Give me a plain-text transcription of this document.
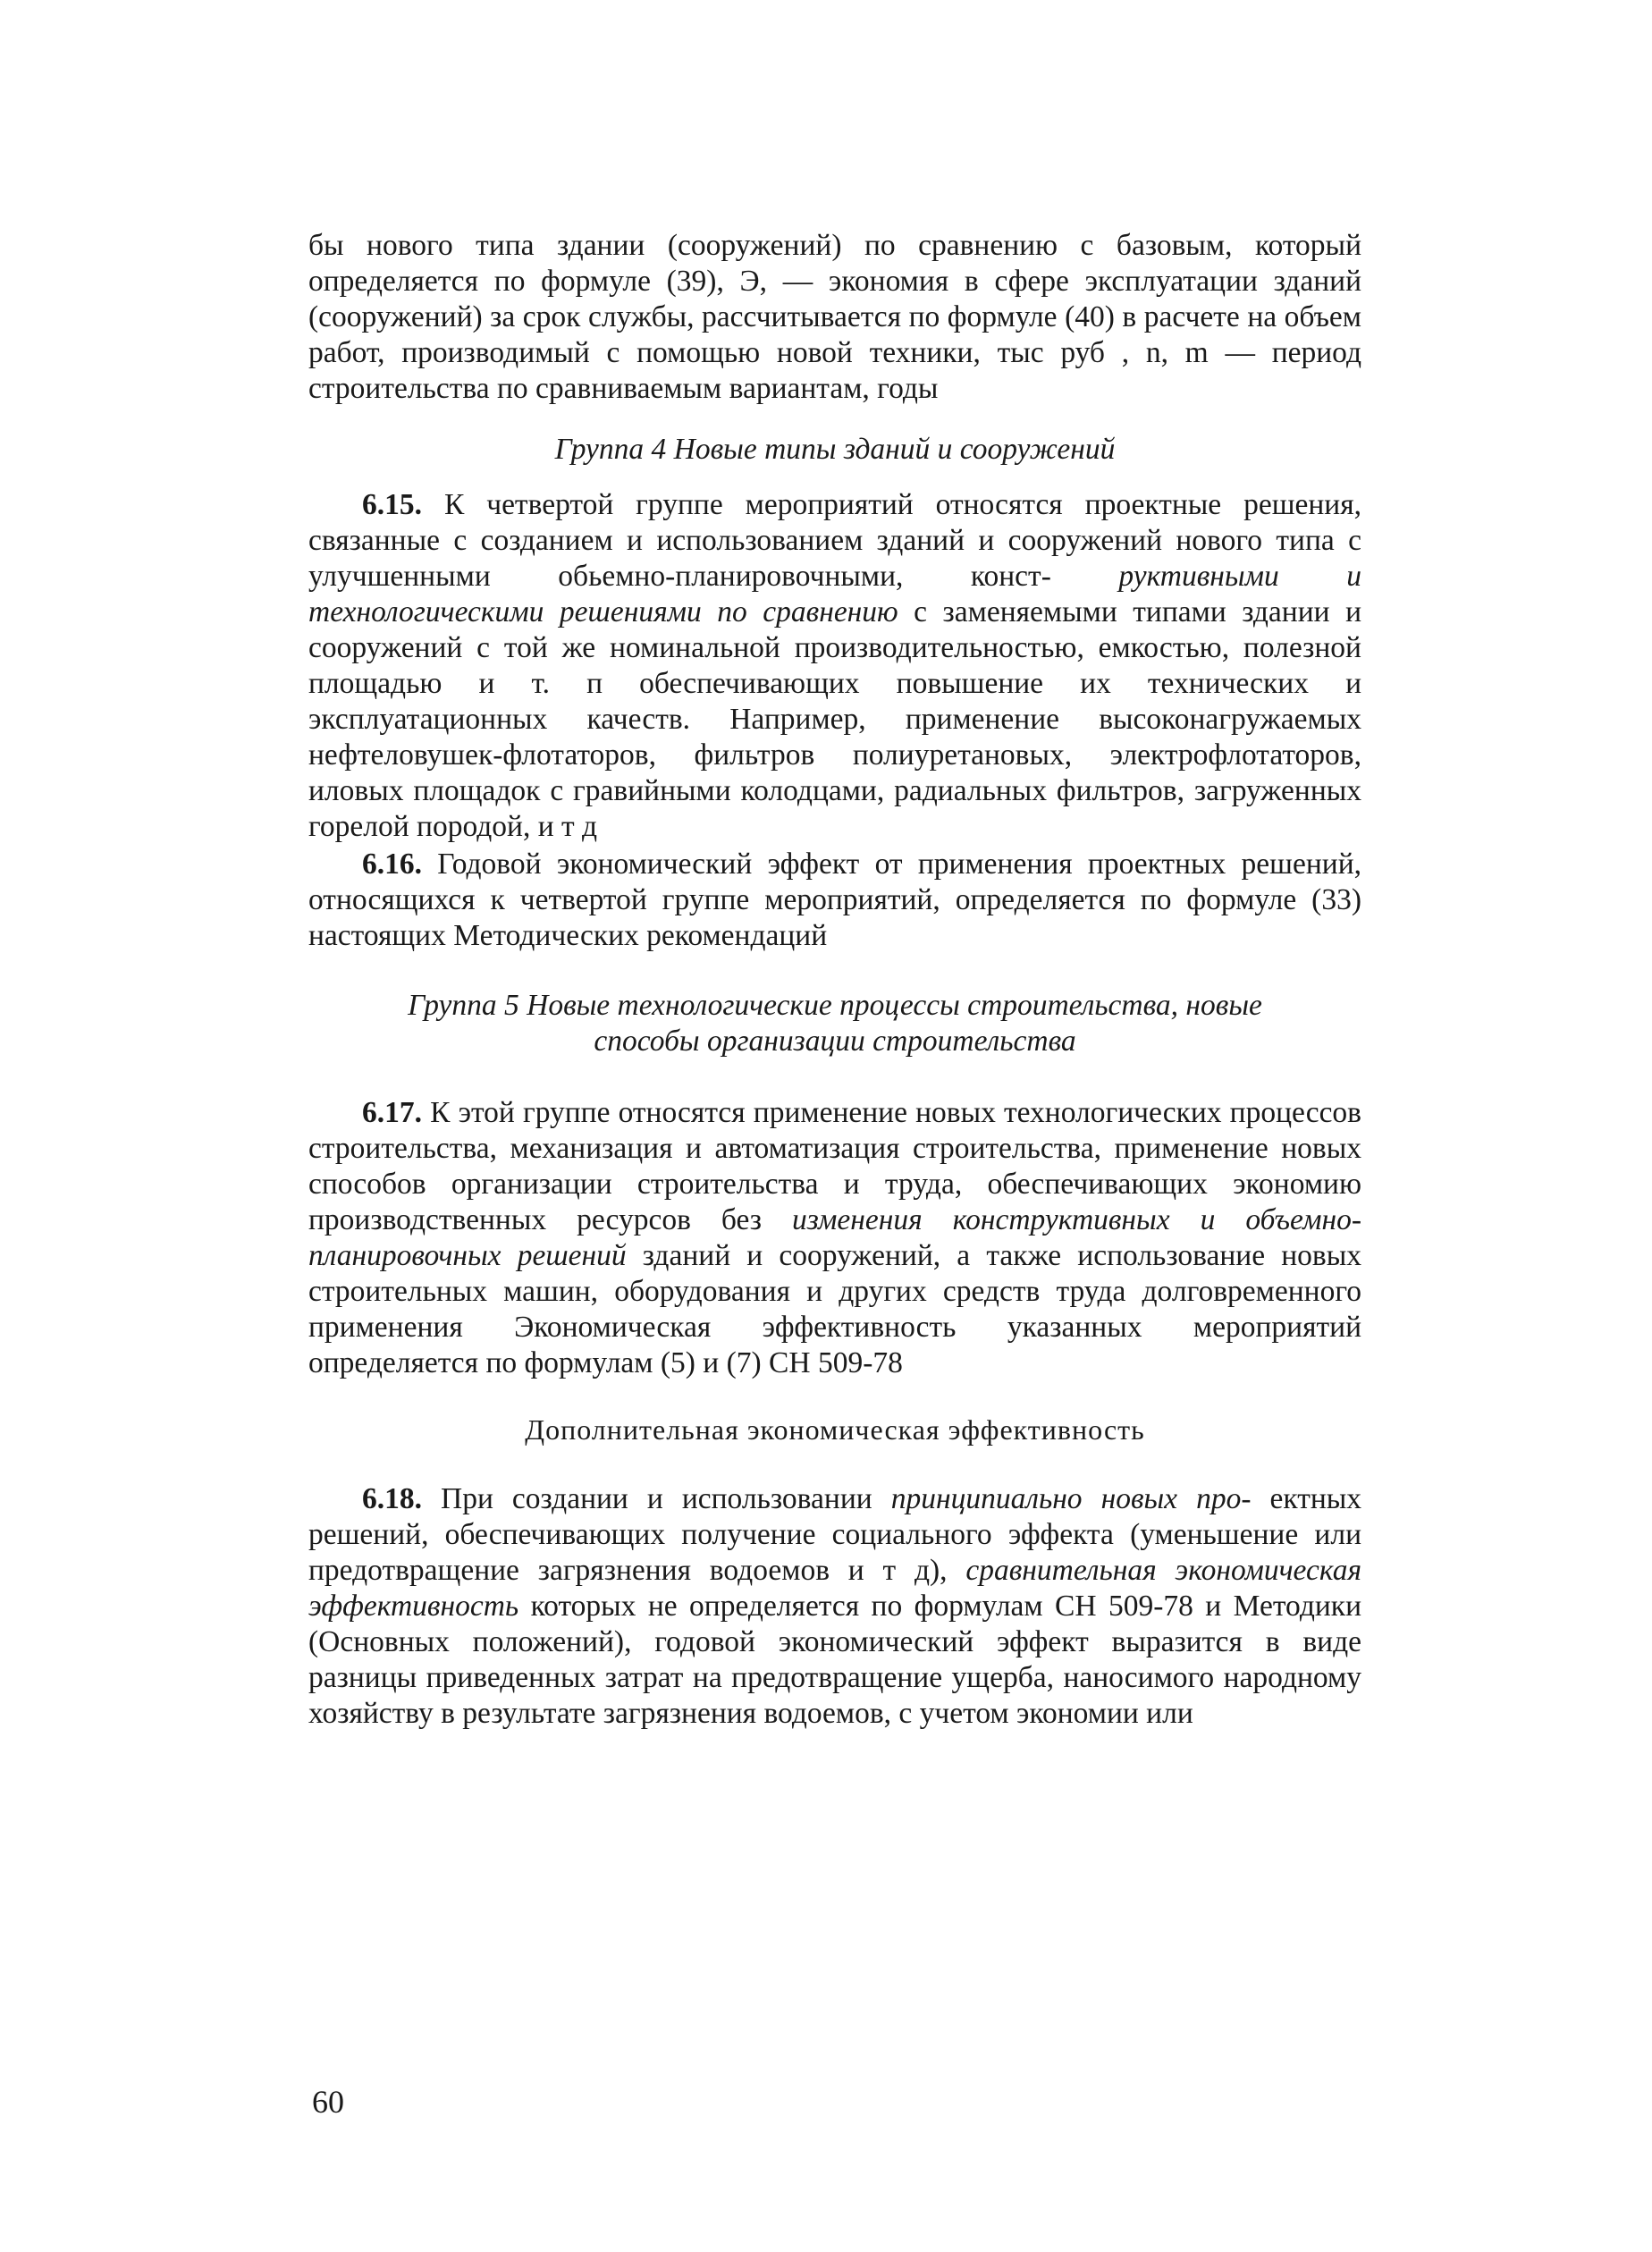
бы нового типа здании (сооружений) по сравнению с базовым, который определяется по формуле (39), Э, — экономия в сфере эксплуатации зданий (сооружений) за срок службы, рассчитывается по формуле (40) в расчете на объем работ, производимый с помощью новой техники, тыс руб , n, m — период строительства по сравниваемым вариантам, годы

Группа 4 Новые типы зданий и сооружений

6.15. К четвертой группе мероприятий относятся проектные решения, связанные с созданием и использованием зданий и сооружений нового типа с улучшенными обьемно-планировочными, конст- руктивными и технологическими решениями по сравнению с заменяемыми типами здании и сооружений с той же номинальной производительностью, емкостью, полезной площадью и т. п обеспечивающих повышение их технических и эксплуатационных качеств. Например, применение высоконагружаемых нефтеловушек-флотаторов, фильтров полиуретановых, электрофлотаторов, иловых площадок с гравийными колодцами, радиальных фильтров, загруженных горелой породой, и т д

6.16. Годовой экономический эффект от применения проектных решений, относящихся к четвертой группе мероприятий, определяется по формуле (33) настоящих Методических рекомендаций

Группа 5 Новые технологические процессы строительства, новые

способы организации строительства

6.17. К этой группе относятся применение новых технологических процессов строительства, механизация и автоматизация строительства, применение новых способов организации строительства и труда, обеспечивающих экономию производственных ресурсов без изменения конструктивных и объемно-планировочных решений зданий и сооружений, а также использование новых строительных машин, оборудования и других средств труда долговременного применения Экономическая эффективность указанных мероприятий определяется по формулам (5) и (7) СН 509-78

Дополнительная экономическая эффективность

6.18. При создании и использовании принципиально новых про- ектных решений, обеспечивающих получение социального эффекта (уменьшение или предотвращение загрязнения водоемов и т д), сравнительная экономическая эффективность которых не определяется по формулам СН 509-78 и Методики (Основных положений), годовой экономический эффект выразится в виде разницы приведенных затрат на предотвращение ущерба, наносимого народному хозяйству в результате загрязнения водоемов, с учетом экономии или

60
